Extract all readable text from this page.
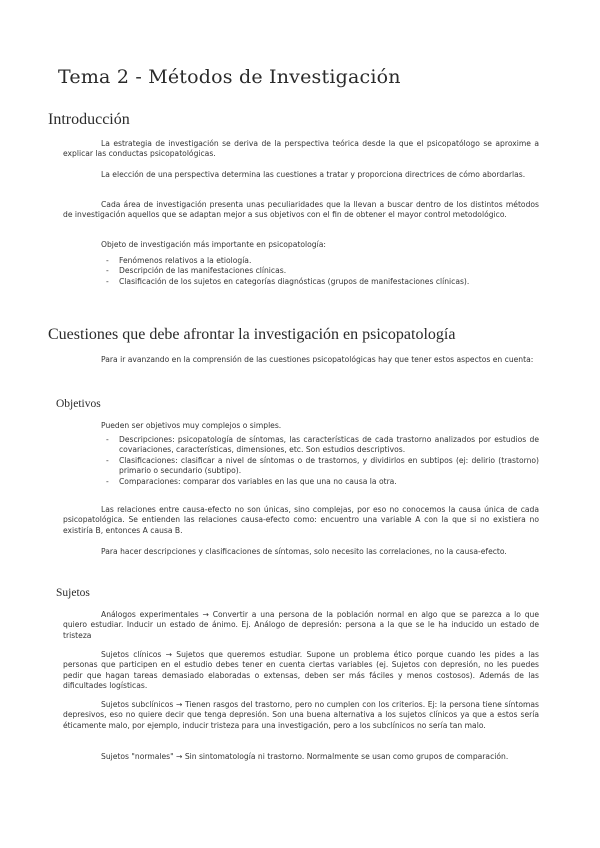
Tema 2 - Métodos de Investigación
Introducción
La estrategia de investigación se deriva de la perspectiva teórica desde la que el psicopatólogo se aproxime a explicar las conductas psicopatológicas.
La elección de una perspectiva determina las cuestiones a tratar y proporciona directrices de cómo abordarlas.
Cada área de investigación presenta unas peculiaridades que la llevan a buscar dentro de los distintos métodos de investigación aquellos que se adaptan mejor a sus objetivos con el fin de obtener el mayor control metodológico.
Objeto de investigación más importante en psicopatología:
- Fenómenos relativos a la etiología.
- Descripción de las manifestaciones clínicas.
- Clasificación de los sujetos en categorías diagnósticas (grupos de manifestaciones clínicas).
Cuestiones que debe afrontar la investigación en psicopatología
Para ir avanzando en la comprensión de las cuestiones psicopatológicas hay que tener estos aspectos en cuenta:
Objetivos
Pueden ser objetivos muy complejos o simples.
- Descripciones: psicopatología de síntomas, las características de cada trastorno analizados por estudios de covariaciones, características, dimensiones, etc. Son estudios descriptivos.
- Clasificaciones: clasificar a nivel de síntomas o de trastornos, y dividirlos en subtipos (ej: delirio (trastorno) primario o secundario (subtipo).
- Comparaciones: comparar dos variables en las que una no causa la otra.
Las relaciones entre causa-efecto no son únicas, sino complejas, por eso no conocemos la causa única de cada psicopatológica. Se entienden las relaciones causa-efecto como: encuentro una variable A con la que si no existiera no existiría B, entonces A causa B.
Para hacer descripciones y clasificaciones de síntomas, solo necesito las correlaciones, no la causa-efecto.
Sujetos
Análogos experimentales → Convertir a una persona de la población normal en algo que se parezca a lo que quiero estudiar. Inducir un estado de ánimo. Ej. Análogo de depresión: persona a la que se le ha inducido un estado de tristeza
Sujetos clínicos → Sujetos que queremos estudiar. Supone un problema ético porque cuando les pides a las personas que participen en el estudio debes tener en cuenta ciertas variables (ej. Sujetos con depresión, no les puedes pedir que hagan tareas demasiado elaboradas o extensas, deben ser más fáciles y menos costosos). Además de las dificultades logísticas.
Sujetos subclínicos → Tienen rasgos del trastorno, pero no cumplen con los criterios. Ej: la persona tiene síntomas depresivos, eso no quiere decir que tenga depresión. Son una buena alternativa a los sujetos clínicos ya que a estos sería éticamente malo, por ejemplo, inducir tristeza para una investigación, pero a los subclínicos no sería tan malo.
Sujetos "normales" → Sin sintomatología ni trastorno. Normalmente se usan como grupos de comparación.
